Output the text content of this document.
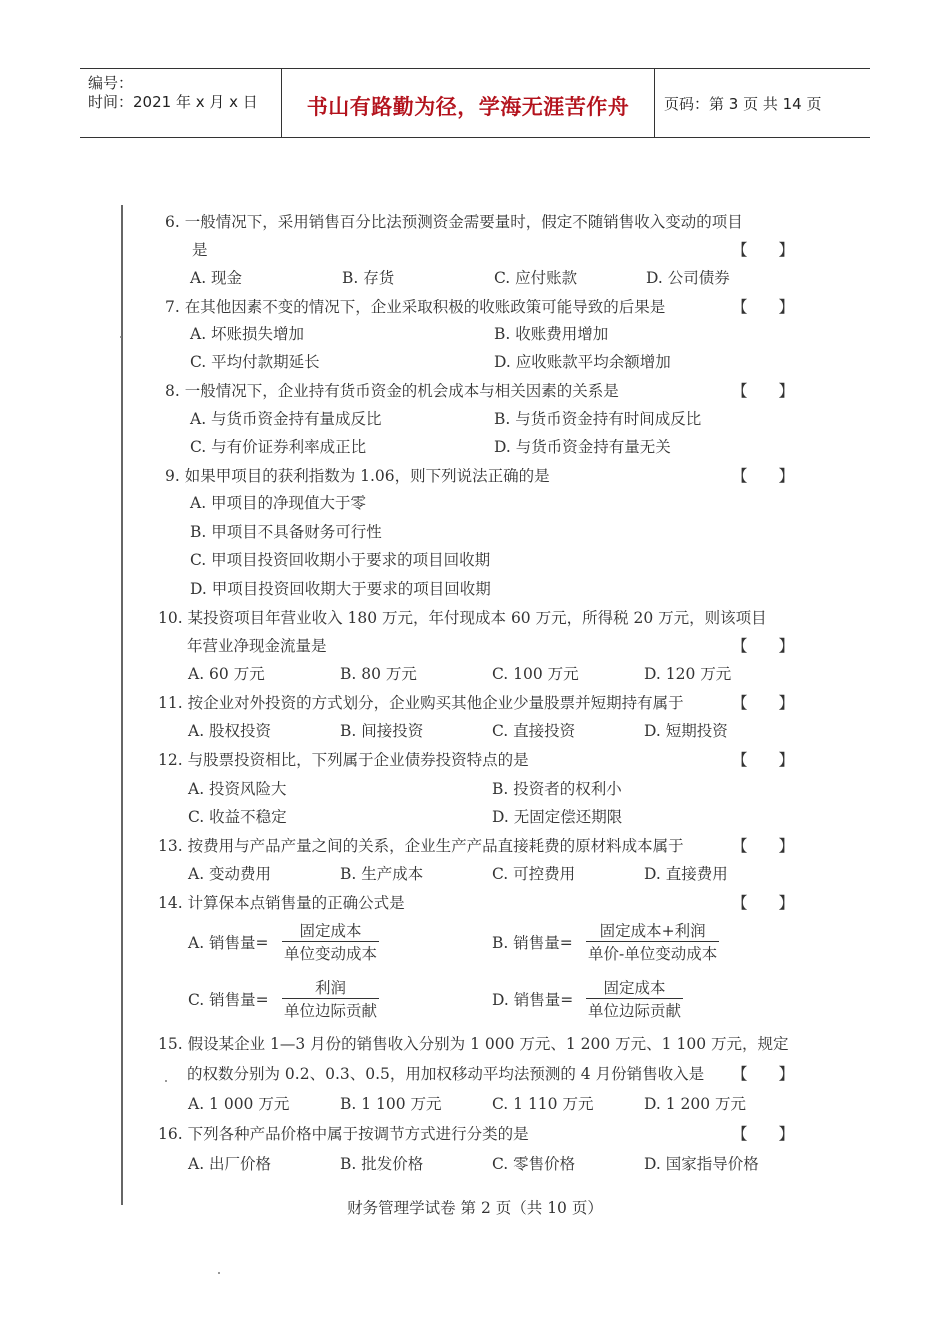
编号：
时间：2021 年 x 月 x 日	书山有路勤为径，学海无涯苦作舟	页码：第 3 页 共 14 页
6. 一般情况下，采用销售百分比法预测资金需要量时，假定不随销售收入变动的项目
是	【　　】
A. 现金	B. 存货	C. 应付账款	D. 公司债券
7. 在其他因素不变的情况下，企业采取积极的收账政策可能导致的后果是	【　　】
A. 坏账损失增加	B. 收账费用增加
C. 平均付款期延长	D. 应收账款平均余额增加
8. 一般情况下，企业持有货币资金的机会成本与相关因素的关系是	【　　】
A. 与货币资金持有量成反比	B. 与货币资金持有时间成反比
C. 与有价证券利率成正比	D. 与货币资金持有量无关
9. 如果甲项目的获利指数为 1.06，则下列说法正确的是	【　　】
A. 甲项目的净现值大于零
B. 甲项目不具备财务可行性
C. 甲项目投资回收期小于要求的项目回收期
D. 甲项目投资回收期大于要求的项目回收期
10. 某投资项目年营业收入 180 万元，年付现成本 60 万元，所得税 20 万元，则该项目
年营业净现金流量是	【　　】
A. 60 万元	B. 80 万元	C. 100 万元	D. 120 万元
11. 按企业对外投资的方式划分，企业购买其他企业少量股票并短期持有属于	【　　】
A. 股权投资	B. 间接投资	C. 直接投资	D. 短期投资
12. 与股票投资相比，下列属于企业债券投资特点的是	【　　】
A. 投资风险大	B. 投资者的权利小
C. 收益不稳定	D. 无固定偿还期限
13. 按费用与产品产量之间的关系，企业生产产品直接耗费的原材料成本属于	【　　】
A. 变动费用	B. 生产成本	C. 可控费用	D. 直接费用
14. 计算保本点销售量的正确公式是	【　　】
A. 销售量=
固定成本
单位变动成本
B. 销售量=
固定成本+利润
单价-单位变动成本
C. 销售量=
利润
单位边际贡献
D. 销售量=
固定成本
单位边际贡献
15. 假设某企业 1—3 月份的销售收入分别为 1 000 万元、1 200 万元、1 100 万元，规定
的权数分别为 0.2、0.3、0.5，用加权移动平均法预测的 4 月份销售收入是 【　　】
A. 1 000 万元	B. 1 100 万元	C. 1 110 万元	D. 1 200 万元
16. 下列各种产品价格中属于按调节方式进行分类的是	【　　】
A. 出厂价格	B. 批发价格	C. 零售价格	D. 国家指导价格
财务管理学试卷 第 2 页（共 10 页）
